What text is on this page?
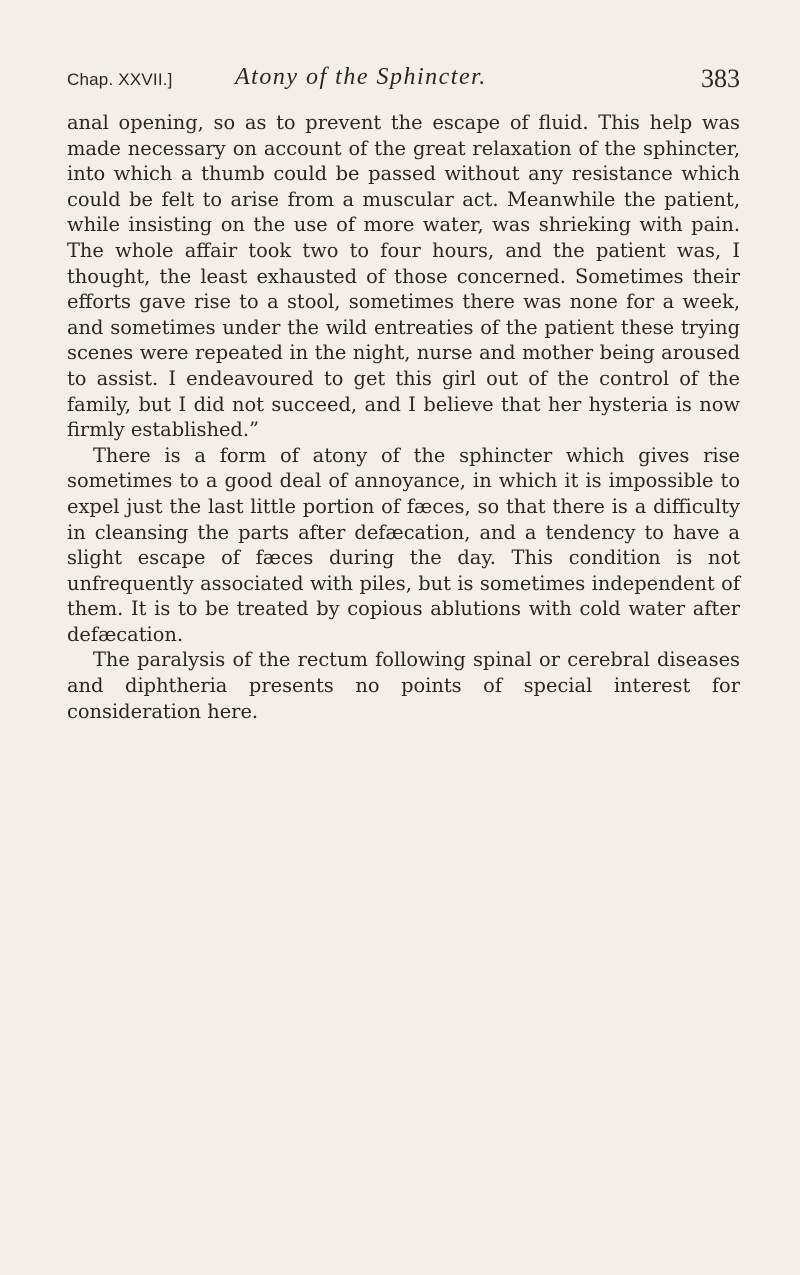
Chap. XXVII.]	Atony of the Sphincter.	383

anal opening, so as to prevent the escape of fluid. This help was made necessary on account of the great relaxation of the sphincter, into which a thumb could be passed without any resistance which could be felt to arise from a muscular act. Meanwhile the patient, while insisting on the use of more water, was shrieking with pain. The whole affair took two to four hours, and the patient was, I thought, the least exhausted of those concerned. Sometimes their efforts gave rise to a stool, sometimes there was none for a week, and sometimes under the wild entreaties of the patient these trying scenes were repeated in the night, nurse and mother being aroused to assist. I endeavoured to get this girl out of the control of the family, but I did not succeed, and I believe that her hysteria is now firmly established.”

There is a form of atony of the sphincter which gives rise sometimes to a good deal of annoyance, in which it is impossible to expel just the last little portion of fæces, so that there is a difficulty in cleansing the parts after defæcation, and a tendency to have a slight escape of fæces during the day. This condition is not unfrequently associated with piles, but is sometimes independent of them. It is to be treated by copious ablutions with cold water after defæcation.

The paralysis of the rectum following spinal or cerebral diseases and diphtheria presents no points of special interest for consideration here.
